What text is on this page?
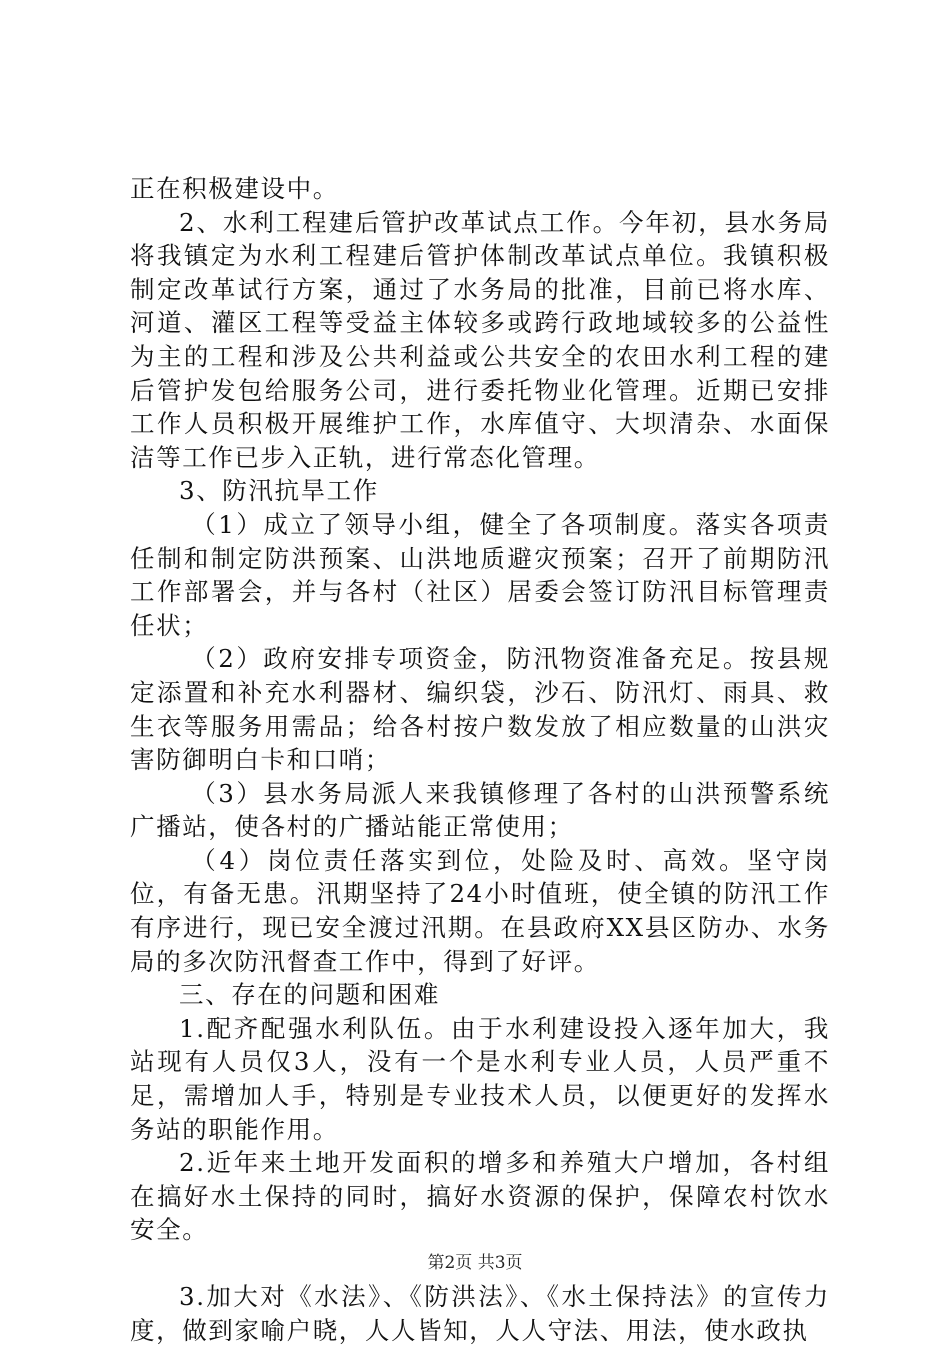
正在积极建设中。

2、水利工程建后管护改革试点工作。今年初，县水务局将我镇定为水利工程建后管护体制改革试点单位。我镇积极制定改革试行方案，通过了水务局的批准，目前已将水库、河道、灌区工程等受益主体较多或跨行政地域较多的公益性为主的工程和涉及公共利益或公共安全的农田水利工程的建后管护发包给服务公司，进行委托物业化管理。近期已安排工作人员积极开展维护工作，水库值守、大坝清杂、水面保洁等工作已步入正轨，进行常态化管理。

3、防汛抗旱工作

（1）成立了领导小组，健全了各项制度。落实各项责任制和制定防洪预案、山洪地质避灾预案；召开了前期防汛工作部署会，并与各村（社区）居委会签订防汛目标管理责任状；

（2）政府安排专项资金，防汛物资准备充足。按县规定添置和补充水利器材、编织袋，沙石、防汛灯、雨具、救生衣等服务用需品；给各村按户数发放了相应数量的山洪灾害防御明白卡和口哨；

（3）县水务局派人来我镇修理了各村的山洪预警系统广播站，使各村的广播站能正常使用；

（4）岗位责任落实到位，处险及时、高效。坚守岗位，有备无患。汛期坚持了24小时值班，使全镇的防汛工作有序进行，现已安全渡过汛期。在县政府XX县区防办、水务局的多次防汛督查工作中，得到了好评。

三、存在的问题和困难

1.配齐配强水利队伍。由于水利建设投入逐年加大，我站现有人员仅3人，没有一个是水利专业人员，人员严重不足，需增加人手，特别是专业技术人员，以便更好的发挥水务站的职能作用。

2.近年来土地开发面积的增多和养殖大户增加，各村组在搞好水土保持的同时，搞好水资源的保护，保障农村饮水安全。

3.加大对《水法》、《防洪法》、《水土保持法》的宣传力度，做到家喻户晓，人人皆知，人人守法、用法，使水政执

第2页 共3页
